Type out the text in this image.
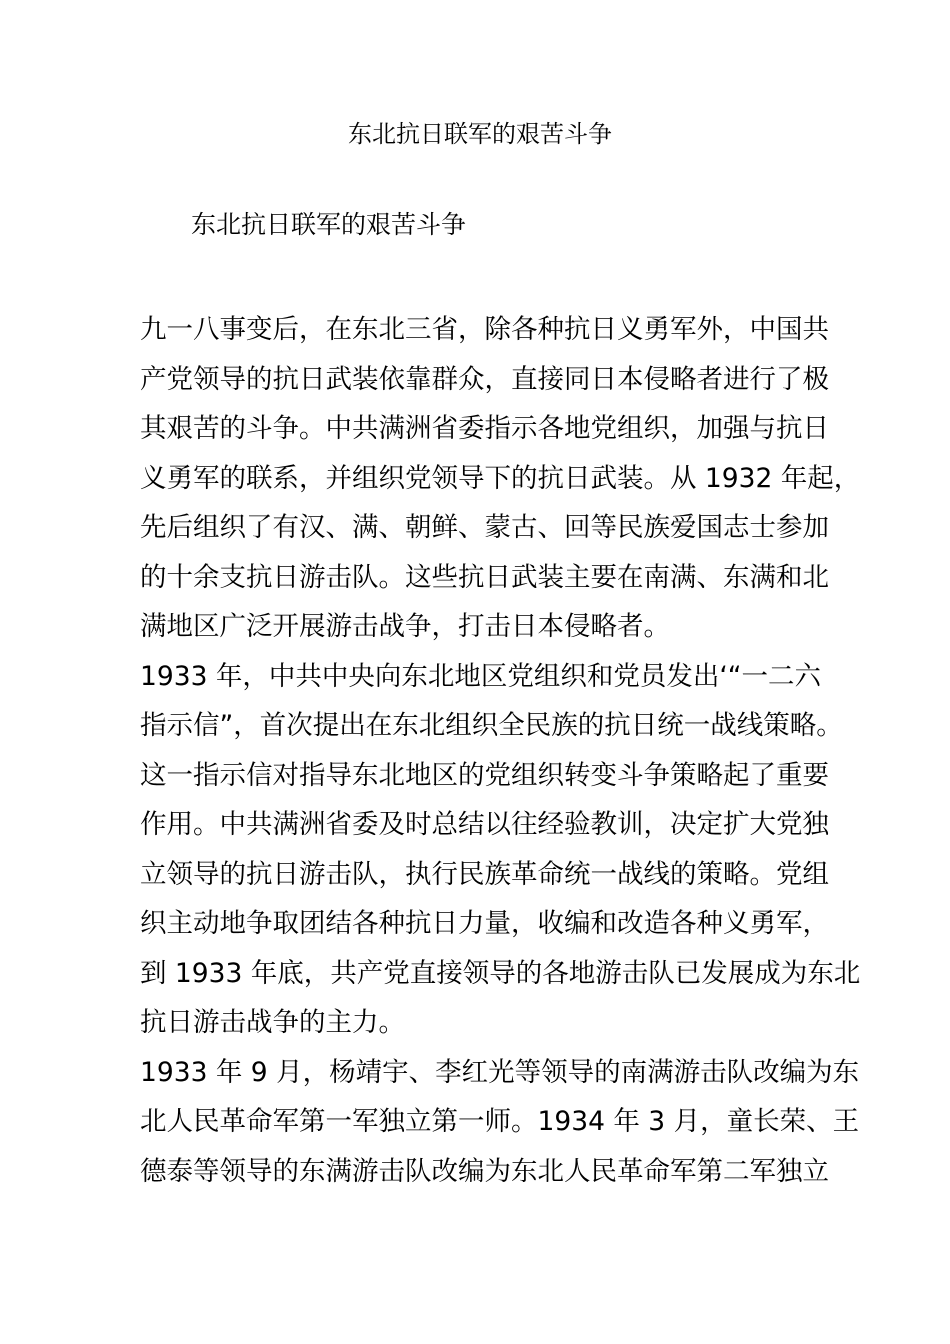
东北抗日联军的艰苦斗争
东北抗日联军的艰苦斗争
九一八事变后，在东北三省，除各种抗日义勇军外，中国共
产党领导的抗日武装依靠群众，直接同日本侵略者进行了极
其艰苦的斗争。中共满洲省委指示各地党组织，加强与抗日
义勇军的联系，并组织党领导下的抗日武装。从 1932 年起，
先后组织了有汉、满、朝鲜、蒙古、回等民族爱国志士参加
的十余支抗日游击队。这些抗日武装主要在南满、东满和北
满地区广泛开展游击战争，打击日本侵略者。
1933 年，中共中央向东北地区党组织和党员发出‘“一二六
指示信”，首次提出在东北组织全民族的抗日统一战线策略。
这一指示信对指导东北地区的党组织转变斗争策略起了重要
作用。中共满洲省委及时总结以往经验教训，决定扩大党独
立领导的抗日游击队，执行民族革命统一战线的策略。党组
织主动地争取团结各种抗日力量，收编和改造各种义勇军，
到 1933 年底，共产党直接领导的各地游击队已发展成为东北
抗日游击战争的主力。
1933 年 9 月，杨靖宇、李红光等领导的南满游击队改编为东
北人民革命军第一军独立第一师。1934 年 3 月，童长荣、王
德泰等领导的东满游击队改编为东北人民革命军第二军独立
